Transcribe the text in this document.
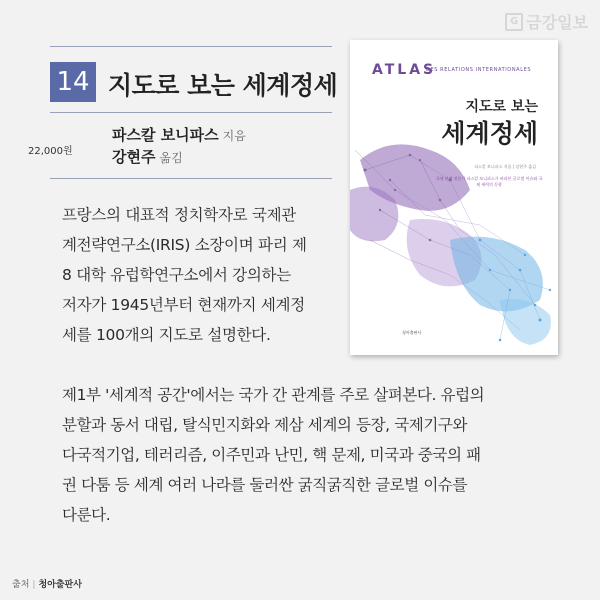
G 금강일보
14 지도로 보는 세계정세
22,000원
파스칼 보니파스 지음
강현주 옮김
프랑스의 대표적 정치학자로 국제관
계전략연구소(IRIS) 소장이며 파리 제
8 대학 유럽학연구소에서 강의하는
저자가 1945년부터 현재까지 세계정
세를 100개의 지도로 설명한다.
제1부 '세계적 공간'에서는 국가 간 관계를 주로 살펴본다. 유럽의
분할과 동서 대립, 탈식민지화와 제삼 세계의 등장, 국제기구와
다국적기업, 테러리즘, 이주민과 난민, 핵 문제, 미국과 중국의 패
권 다툼 등 세계 여러 나라를 둘러싼 굵직굵직한 글로벌 이슈를
다룬다.
출처 | 청아출판사
ATLAS
DES RELATIONS INTERNATIONALES
지도로 보는
세계정세
파스칼 보니파스 지음 | 강현주 옮김
국제 관계 전문가 파스칼 보니파스가 바라본 글로벌 이슈와 국제 세력의 동향
청아출판사
